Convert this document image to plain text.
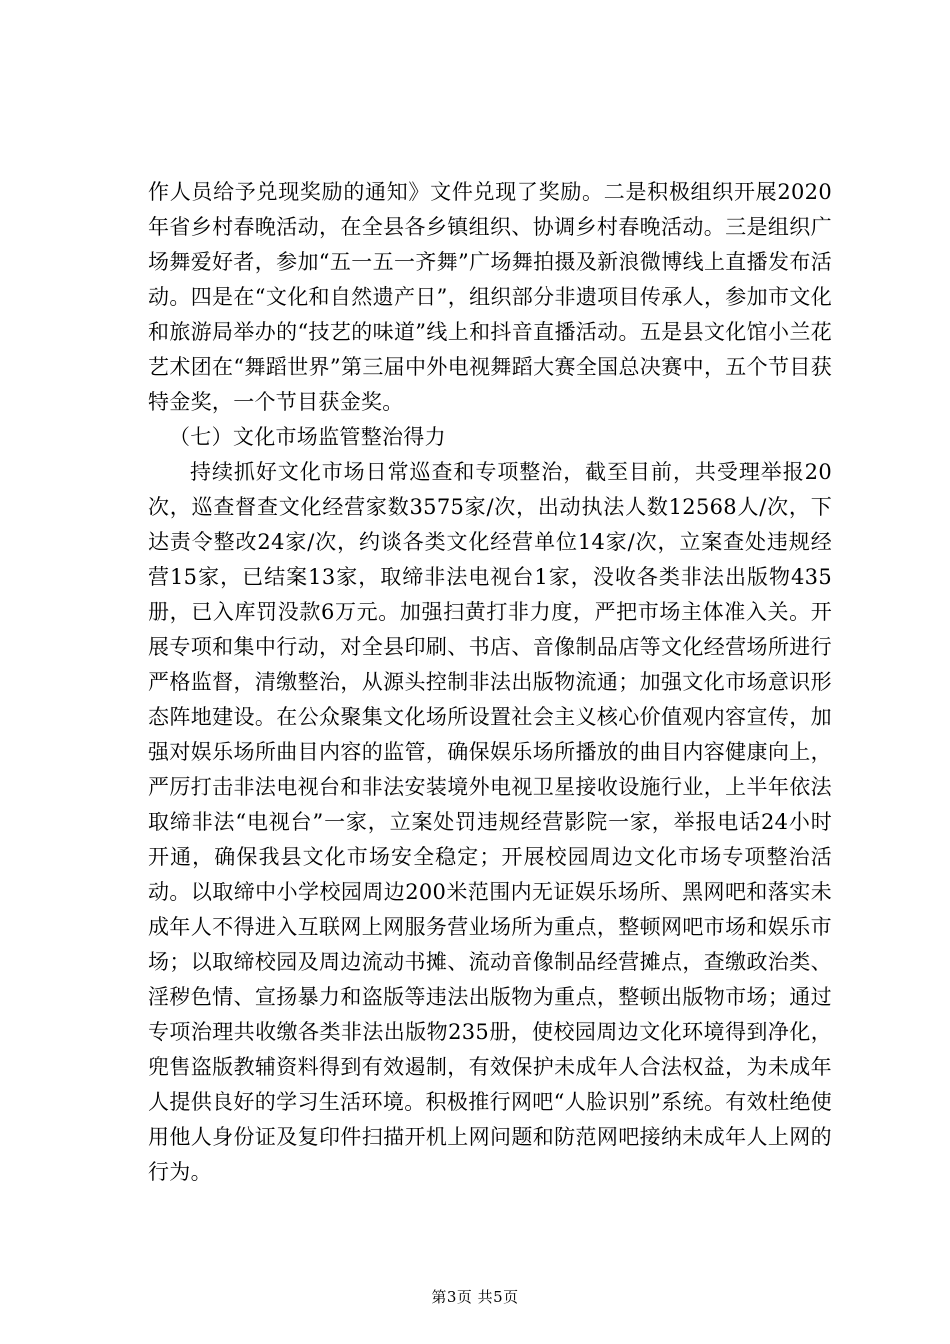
作人员给予兑现奖励的通知》文件兑现了奖励。二是积极组织开展2020年省乡村春晚活动，在全县各乡镇组织、协调乡村春晚活动。三是组织广场舞爱好者，参加“五一五一齐舞”广场舞拍摄及新浪微博线上直播发布活动。四是在“文化和自然遗产日”，组织部分非遗项目传承人，参加市文化和旅游局举办的“技艺的味道”线上和抖音直播活动。五是县文化馆小兰花艺术团在“舞蹈世界”第三届中外电视舞蹈大赛全国总决赛中，五个节目获特金奖，一个节目获金奖。

（七）文化市场监管整治得力

持续抓好文化市场日常巡查和专项整治，截至目前，共受理举报20次，巡查督查文化经营家数3575家/次，出动执法人数12568人/次，下达责令整改24家/次，约谈各类文化经营单位14家/次，立案查处违规经营15家，已结案13家，取缔非法电视台1家，没收各类非法出版物435册，已入库罚没款6万元。加强扫黄打非力度，严把市场主体准入关。开展专项和集中行动，对全县印刷、书店、音像制品店等文化经营场所进行严格监督，清缴整治，从源头控制非法出版物流通；加强文化市场意识形态阵地建设。在公众聚集文化场所设置社会主义核心价值观内容宣传，加强对娱乐场所曲目内容的监管，确保娱乐场所播放的曲目内容健康向上，严厉打击非法电视台和非法安装境外电视卫星接收设施行业，上半年依法取缔非法“电视台”一家，立案处罚违规经营影院一家，举报电话24小时开通，确保我县文化市场安全稳定；开展校园周边文化市场专项整治活动。以取缔中小学校园周边200米范围内无证娱乐场所、黑网吧和落实未成年人不得进入互联网上网服务营业场所为重点，整顿网吧市场和娱乐市场；以取缔校园及周边流动书摊、流动音像制品经营摊点，查缴政治类、淫秽色情、宣扬暴力和盗版等违法出版物为重点，整顿出版物市场；通过专项治理共收缴各类非法出版物235册，使校园周边文化环境得到净化，兜售盗版教辅资料得到有效遏制，有效保护未成年人合法权益，为未成年人提供良好的学习生活环境。积极推行网吧“人脸识别”系统。有效杜绝使用他人身份证及复印件扫描开机上网问题和防范网吧接纳未成年人上网的行为。

第3页 共5页
